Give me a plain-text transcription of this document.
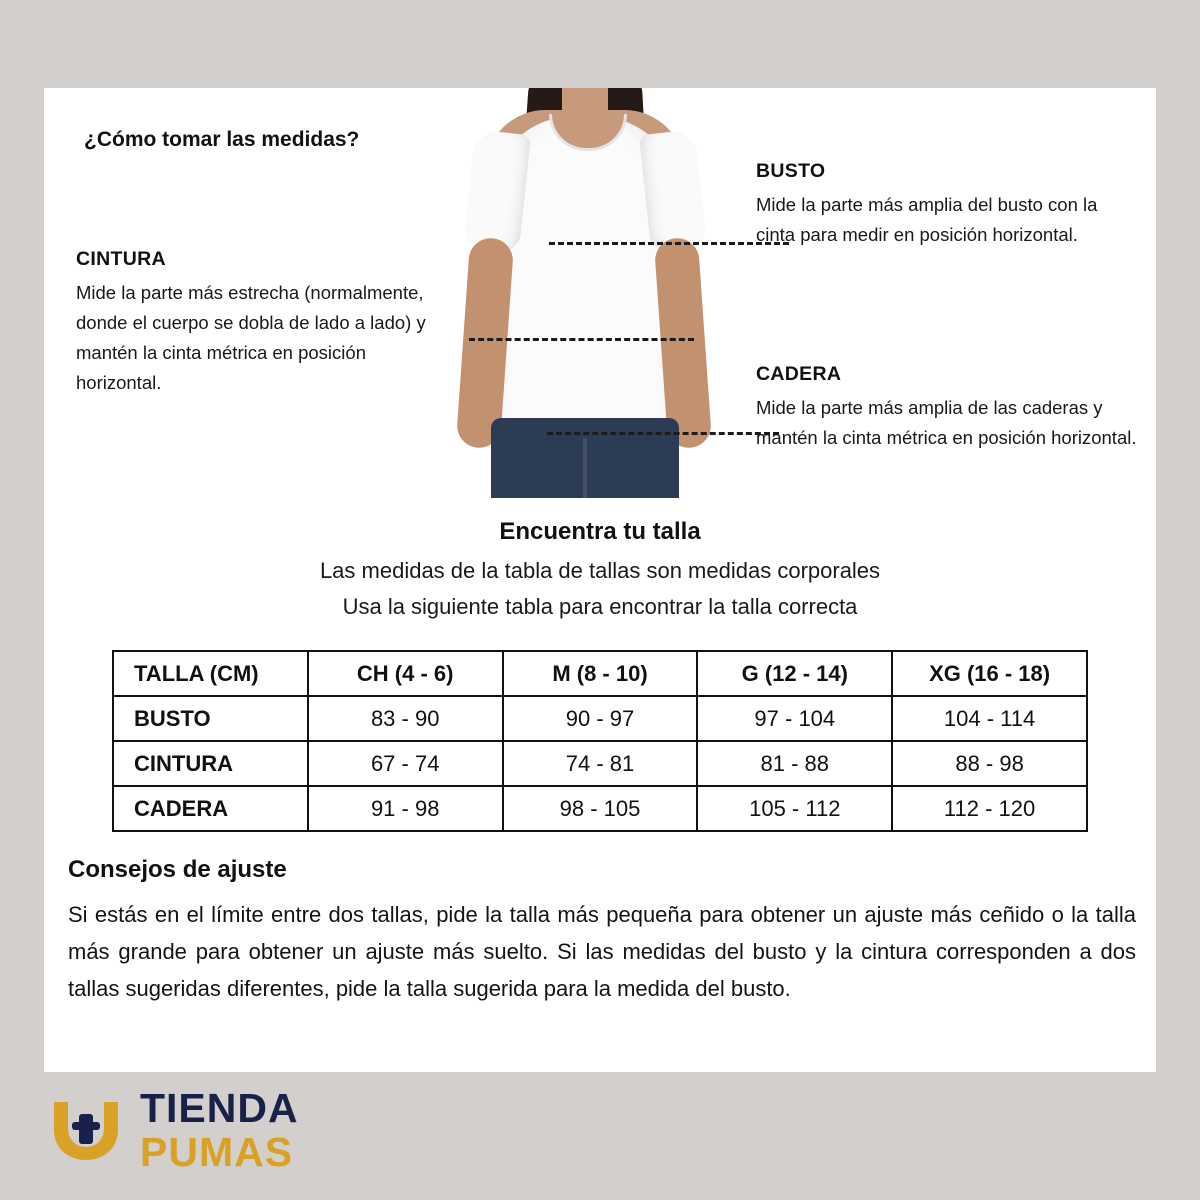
¿Cómo tomar las medidas?
CINTURA
Mide la parte más estrecha (normalmente, donde el cuerpo se dobla de lado a lado) y mantén la cinta métrica en posición horizontal.
BUSTO
Mide la parte más amplia del busto con la cinta para medir en posición horizontal.
CADERA
Mide la parte más amplia de las caderas y mantén la cinta métrica en posición horizontal.
Encuentra tu talla
Las medidas de la tabla de tallas son medidas corporales
Usa la siguiente tabla para encontrar la talla correcta
TALLA (CM)	CH (4 - 6)	M (8 - 10)	G (12 - 14)	XG (16 - 18)
BUSTO	83 - 90	90 - 97	97 - 104	104 - 114
CINTURA	67 - 74	74 - 81	81 - 88	88 - 98
CADERA	91 - 98	98 - 105	105 - 112	112 - 120
Consejos de ajuste
Si estás en el límite entre dos tallas, pide la talla más pequeña para obtener un ajuste más ceñido o la talla más grande para obtener un ajuste más suelto. Si las medidas del busto y la cintura corresponden a dos tallas sugeridas diferentes, pide la talla sugerida para la medida del busto.
TIENDA
PUMAS
